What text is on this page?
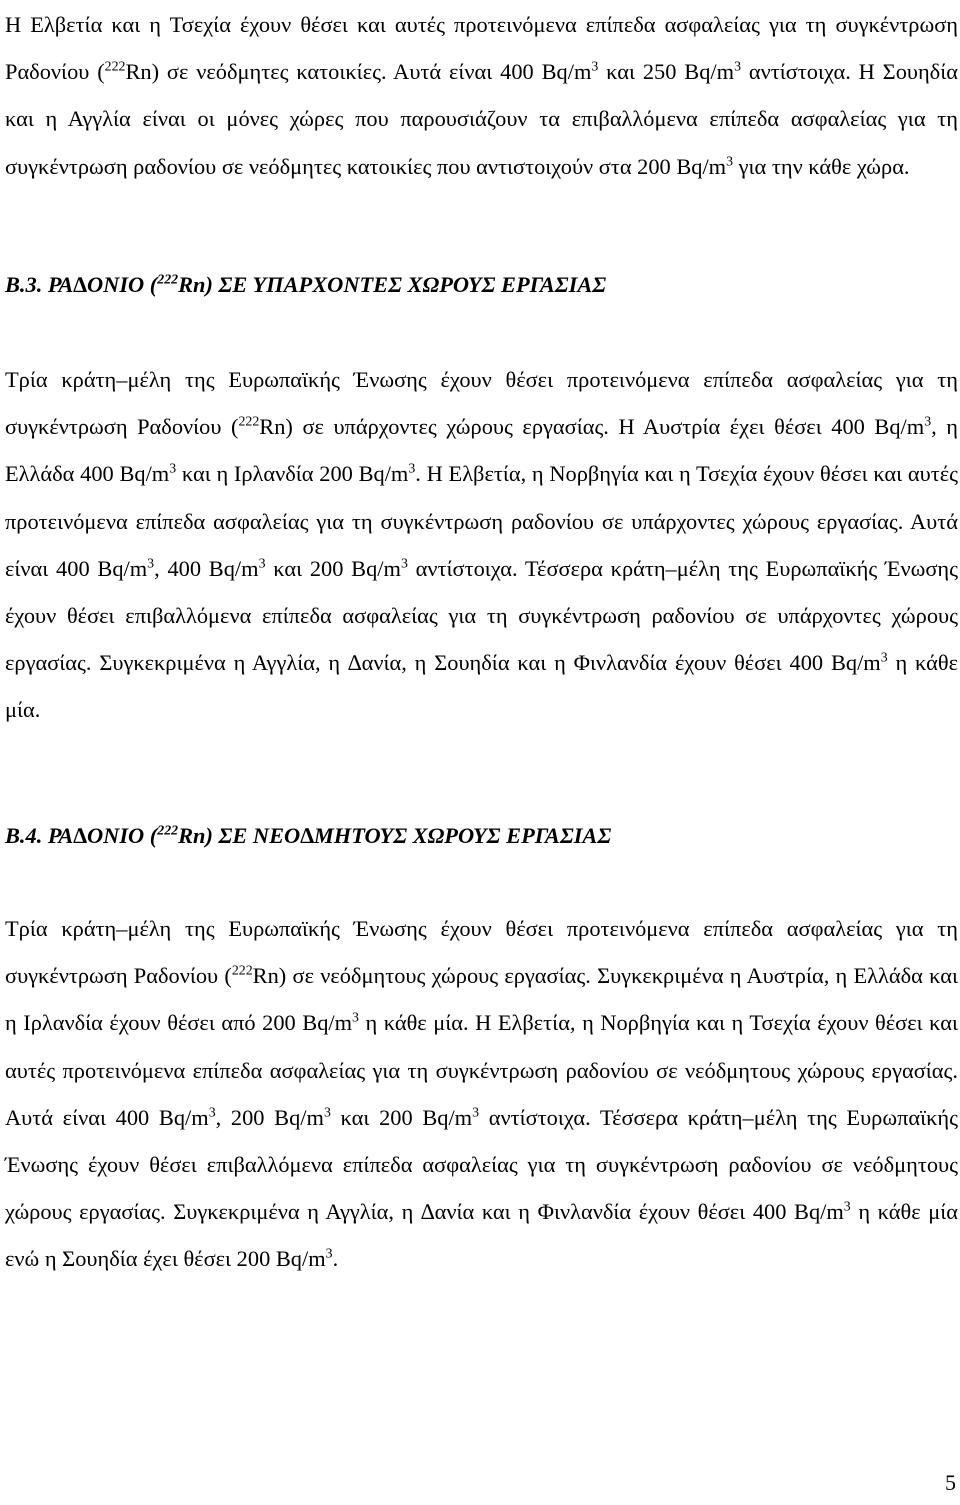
Η Ελβετία και η Τσεχία έχουν θέσει και αυτές προτεινόμενα επίπεδα ασφαλείας για τη συγκέντρωση Ραδονίου ($^{222}$Rn) σε νεόδμητες κατοικίες. Αυτά είναι 400 $Bq/m^3$ και 250 $Bq/m^3$ αντίστοιχα. Η Σουηδία και η Αγγλία είναι οι μόνες χώρες που παρουσιάζουν τα επιβαλλόμενα επίπεδα ασφαλείας για τη συγκέντρωση ραδονίου σε νεόδμητες κατοικίες που αντιστοιχούν στα 200 $Bq/m^3$ για την κάθε χώρα.

Β.3. ΡΑ∆ΟΝΙΟ ($^{222}$Rn) ΣΕ ΥΠΑΡΧΟΝΤΕΣ ΧΩΡΟΥΣ ΕΡΓΑΣΙΑΣ

Τρία κράτη–μέλη της Ευρωπαϊκής Ένωσης έχουν θέσει προτεινόμενα επίπεδα ασφαλείας για τη συγκέντρωση Ραδονίου ($^{222}$Rn) σε υπάρχοντες χώρους εργασίας. Η Αυστρία έχει θέσει 400 $Bq/m^3$, η Ελλάδα 400 $Bq/m^3$ και η Ιρλανδία 200 $Bq/m^3$. Η Ελβετία, η Νορβηγία και η Τσεχία έχουν θέσει και αυτές προτεινόμενα επίπεδα ασφαλείας για τη συγκέντρωση ραδονίου σε υπάρχοντες χώρους εργασίας. Αυτά είναι 400 $Bq/m^3$, 400 $Bq/m^3$ και 200 $Bq/m^3$ αντίστοιχα. Τέσσερα κράτη–μέλη της Ευρωπαϊκής Ένωσης έχουν θέσει επιβαλλόμενα επίπεδα ασφαλείας για τη συγκέντρωση ραδονίου σε υπάρχοντες χώρους εργασίας. Συγκεκριμένα η Αγγλία, η ∆ανία, η Σουηδία και η Φινλανδία έχουν θέσει 400 $Bq/m^3$ η κάθε μία.

Β.4. ΡΑ∆ΟΝΙΟ ($^{222}$Rn) ΣΕ ΝΕΟ∆ΜΗΤΟΥΣ ΧΩΡΟΥΣ ΕΡΓΑΣΙΑΣ

Τρία κράτη–μέλη της Ευρωπαϊκής Ένωσης έχουν θέσει προτεινόμενα επίπεδα ασφαλείας για τη συγκέντρωση Ραδονίου ($^{222}$Rn) σε νεόδμητους χώρους εργασίας. Συγκεκριμένα η Αυστρία, η Ελλάδα και η Ιρλανδία έχουν θέσει από 200 $Bq/m^3$ η κάθε μία. Η Ελβετία, η Νορβηγία και η Τσεχία έχουν θέσει και αυτές προτεινόμενα επίπεδα ασφαλείας για τη συγκέντρωση ραδονίου σε νεόδμητους χώρους εργασίας. Αυτά είναι 400 $Bq/m^3$, 200 $Bq/m^3$ και 200 $Bq/m^3$ αντίστοιχα. Τέσσερα κράτη–μέλη της Ευρωπαϊκής Ένωσης έχουν θέσει επιβαλλόμενα επίπεδα ασφαλείας για τη συγκέντρωση ραδονίου σε νεόδμητους χώρους εργασίας. Συγκεκριμένα η Αγγλία, η ∆ανία και η Φινλανδία έχουν θέσει 400 $Bq/m^3$ η κάθε μία ενώ η Σουηδία έχει θέσει 200 $Bq/m^3$.

5
